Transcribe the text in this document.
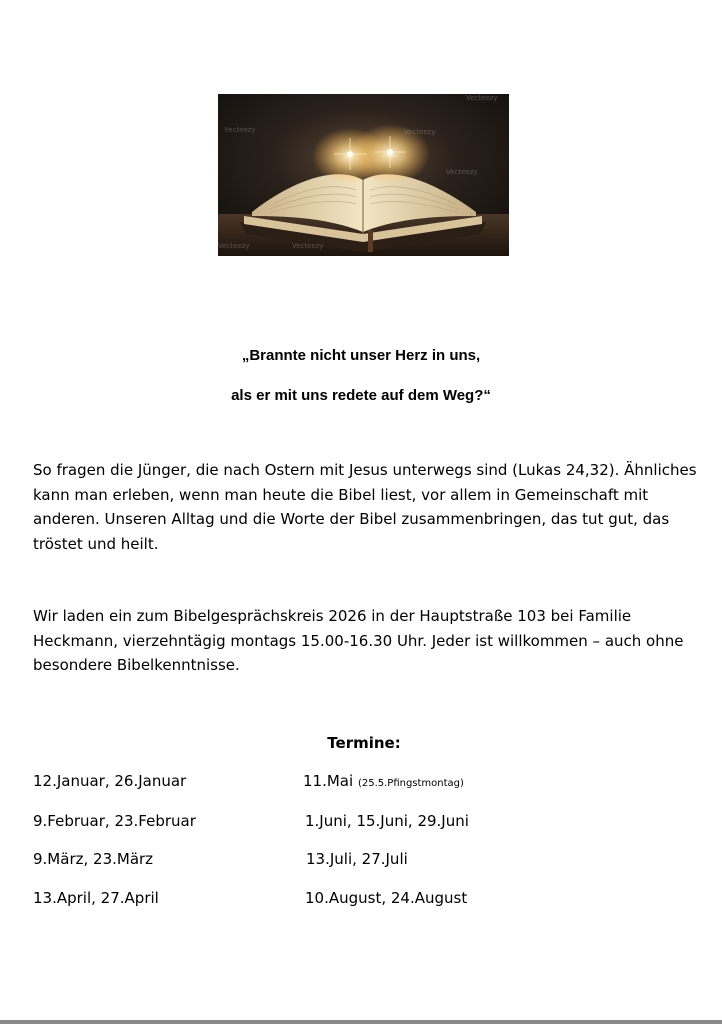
Vecteezy	Vecteezy
Vecteezy
Vecteezy
Vecteezy
Vecteezy
„Brannte nicht unser Herz in uns,
als er mit uns redete auf dem Weg?“
So fragen die Jünger, die nach Ostern mit Jesus unterwegs sind (Lukas 24,32). Ähnliches kann man erleben, wenn man heute die Bibel liest, vor allem in Gemeinschaft mit anderen. Unseren Alltag und die Worte der Bibel zusammenbringen, das tut gut, das tröstet und heilt.
Wir laden ein zum Bibelgesprächskreis 2026 in der Hauptstraße 103 bei Familie Heckmann, vierzehntägig montags 15.00-16.30 Uhr. Jeder ist willkommen – auch ohne besondere Bibelkenntnisse.
Termine:
12.Januar, 26.Januar
9.Februar, 23.Februar
9.März, 23.März
13.April, 27.April
11.Mai (25.5.Pfingstmontag)
1.Juni, 15.Juni, 29.Juni
13.Juli, 27.Juli
10.August, 24.August
